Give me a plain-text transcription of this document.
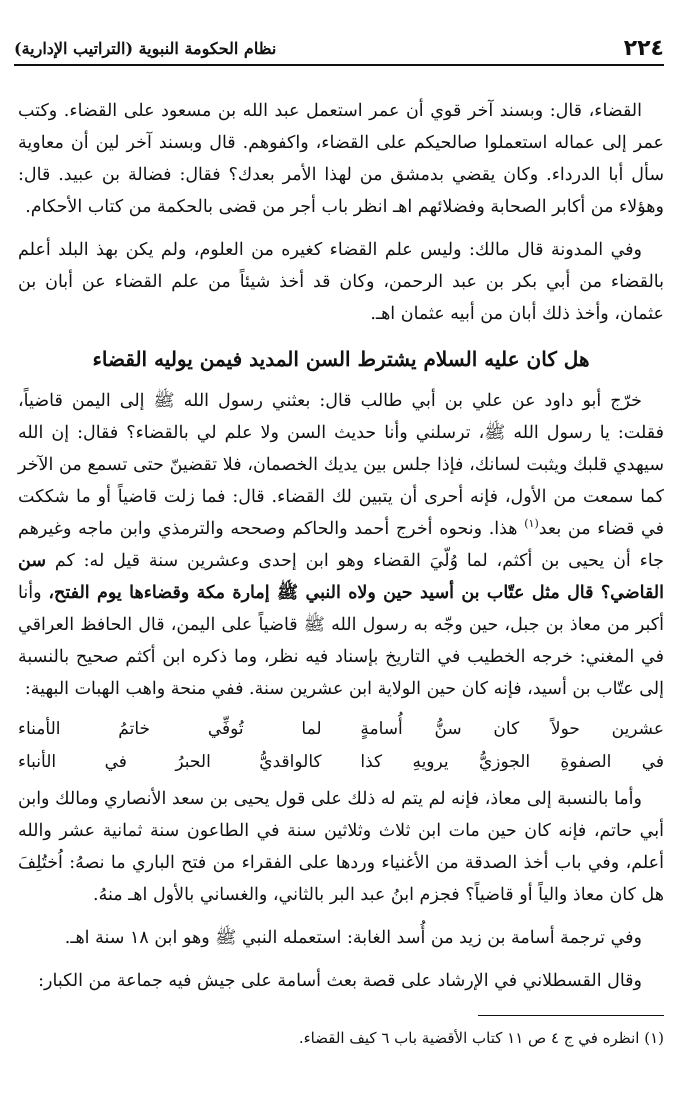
٢٢٤
نظام الحكومة النبوية (التراتيب الإدارية)

القضاء، قال: وبسند آخر قوي أن عمر استعمل عبد الله بن مسعود على القضاء. وكتب عمر إلى عماله استعملوا صالحيكم على القضاء، واكفوهم. قال وبسند آخر لين أن معاوية سأل أبا الدرداء. وكان يقضي بدمشق من لهذا الأمر بعدك؟ فقال: فضالة بن عبيد. قال: وهؤلاء من أكابر الصحابة وفضلائهم اهـ انظر باب أجر من قضى بالحكمة من كتاب الأحكام.

وفي المدونة قال مالك: وليس علم القضاء كغيره من العلوم، ولم يكن بهذ البلد أعلم بالقضاء من أبي بكر بن عبد الرحمن، وكان قد أخذ شيئاً من علم القضاء عن أبان بن عثمان، وأخذ ذلك أبان من أبيه عثمان اهـ.

هل كان عليه السلام يشترط السن المديد فيمن يوليه القضاء

خرّج أبو داود عن علي بن أبي طالب قال: بعثني رسول الله ﷺ إلى اليمن قاضياً، فقلت: يا رسول الله ﷺ، ترسلني وأنا حديث السن ولا علم لي بالقضاء؟ فقال: إن الله سيهدي قلبك ويثبت لسانك، فإذا جلس بين يديك الخصمان، فلا تقضينّ حتى تسمع من الآخر كما سمعت من الأول، فإنه أحرى أن يتبين لك القضاء. قال: فما زلت قاضياً أو ما شككت في قضاء من بعد$^{(١)}$ هذا. ونحوه أخرج أحمد والحاكم وصححه والترمذي وابن ماجه وغيرهم جاء أن يحيى بن أكثم، لما وُلّيَ القضاء وهو ابن إحدى وعشرين سنة قيل له: كم سن القاضي؟ قال مثل عتّاب بن أسيد حين ولاه النبي ﷺ إمارة مكة وقضاءها يوم الفتح، وأنا أكبر من معاذ بن جبل، حين وجّه به رسول الله ﷺ قاضياً على اليمن، قال الحافظ العراقي في المغني: خرجه الخطيب في التاريخ بإسناد فيه نظر، وما ذكره ابن أكثم صحيح بالنسبة إلى عتّاب بن أسيد، فإنه كان حين الولاية ابن عشرين سنة. ففي منحة واهب الهبات البهية:

عشرين حولاً كان سنُّ أُسامةٍ
لما تُوفِّي خاتمُ الأمناء
في الصفوةِ الجوزيُّ يرويهِ كذا
كالواقديُّ الحبرُ في الأنباء

وأما بالنسبة إلى معاذ، فإنه لم يتم له ذلك على قول يحيى بن سعد الأنصاري ومالك وابن أبي حاتم، فإنه كان حين مات ابن ثلاث وثلاثين سنة في الطاعون سنة ثمانية عشر والله أعلم، وفي باب أخذ الصدقة من الأغنياء وردها على الفقراء من فتح الباري ما نصهُ: اُختُلِفَ هل كان معاذ والياً أو قاضياً؟ فجزم ابنُ عبد البر بالثاني، والغساني بالأول اهـ منهُ.

وفي ترجمة أسامة بن زيد من أُسد الغابة: استعمله النبي ﷺ وهو ابن ١٨ سنة اهـ.

وقال القسطلاني في الإرشاد على قصة بعث أسامة على جيش فيه جماعة من الكبار:

(١) انظره في ج ٤ ص ١١ كتاب الأقضية باب ٦ كيف القضاء.
